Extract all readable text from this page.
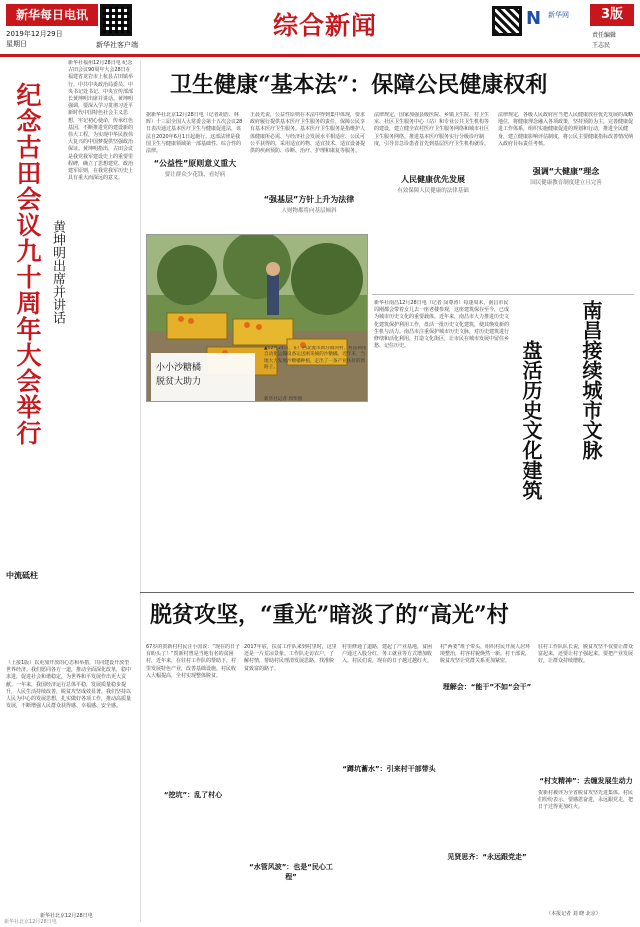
新华每日电讯
2019年12月29日
星期日	新华社客户端
综合新闻	N 新华网	3版
责任编辑
王志民
纪念古田会议九十周年大会举行 黄坤明出席并讲话
新华社福州12月28日电 纪念古田会议90周年大会28日在福建省龙岩市上杭县古田镇举行。中共中央政治局委员、中央书记处书记、中央宣传部部长黄坤明出席并讲话。黄坤明强调，要深入学习贯彻习近平新时代中国特色社会主义思想，牢记初心使命，传承红色基因，不断推进党的建设新的伟大工程，为实现中华民族伟大复兴的中国梦提供坚强政治保证。黄坤明指出，古田会议是我党我军建设史上的重要里程碑，确立了思想建党、政治建军原则，在我党我军历史上具有重大而深远的意义。
中流砥柱
（上接1版）以更加开放的心态和举措，共同建设开放型世界经济。我们愿同各方一道，推动全面深化改革，稳中求进，促进社会和谐稳定，为世界和平发展作出更大贡献。一年来，我国经济运行总体平稳，发展质量稳步提升，人民生活持续改善，脱贫攻坚成效显著。我们坚持以人民为中心的发展思想，扎实做好各项工作，推动高质量发展，不断增强人民群众获得感、幸福感、安全感。
新华社北京12月28日电
卫生健康“基本法”：保障公民健康权利
据新华社北京12月28日电（记者胡浩、林晖）十三届全国人大常委会第十五次会议28日表决通过基本医疗卫生与健康促进法，该法自2020年6月1日起施行。这部法律是我国卫生与健康领域第一部基础性、综合性的法律。
“公益性”原则意义重大
要让群众少花钱、看好病
王晨光说，公益性原则在本法中得到集中体现，要求政府履行提供基本医疗卫生服务的责任，保障公民享有基本医疗卫生服务。基本医疗卫生服务是指维护人体健康所必需、与经济社会发展水平相适应、公民可公平获得的，采用适宜药物、适宜技术、适宜设备提供的疾病预防、诊断、治疗、护理和康复等服务。
“强基层”方针上升为法律
人财物都将向基层倾斜
法律规定，国家加强县级医院、乡镇卫生院、村卫生室、社区卫生服务中心（站）和专业公共卫生机构等的建设，建立健全农村医疗卫生服务网络和城市社区卫生服务网络。推进基本医疗服务实行分级诊疗制度，引导非急诊患者首先到基层医疗卫生机构就诊。
人民健康优先发展
有效保障人民健康的法律基础
法律规定，各级人民政府应当把人民健康放在优先发展的战略地位，将健康理念融入各项政策，坚持预防为主，完善健康促进工作体系，组织实施健康促进的规划和行动，推进全民健身，建立健康影响评估制度，将公民主要健康指标改善情况纳入政府目标责任考核。
强调“大健康”理念
国民健康教育制度建立且完善
小小沙糖橘
脱贫大助力
▲12月24日，在广西北流市新圩镇河村，村民利用自动化运输设备运送刚采摘的沙糖橘。近年来，当地大力发展沙糖橘种植，走出了一条产业扶贫的新路子。
新华社记者 周华摄
新华社南昌12月28日电（记者 闵尊涛）每逢周末，南昌市民周刚都会带着女儿去一座老楼参观，这座建筑保存至今，已成为城市历史文化的重要载体。近年来，南昌市大力推进历史文化建筑保护利用工作，盘活一批历史文化建筑，使其焕发新的生机与活力。南昌市注重保护城市历史文脉，对历史建筑进行修缮和活化利用，打造文化街区，让市民在城市发展中留住乡愁、记住历史。	盘活历史文化建筑 南昌接续城市文脉
脱贫攻坚，“重光”暗淡了的“高光”村
67岁的贺新村村民汪小国说：“现在的日子有盼头了！”贺新村曾是当地有名的贫困村，近年来，在驻村工作队的帮助下，村里发展特色产业，改善基础设施，村民收入大幅提高，全村实现整体脱贫。
“挖坑”：乱了村心
2017年底，扶贫工作队来到村里时，这里还是一片荒凉景象。工作队走访农户，了解村情，帮助村民理清发展思路，找准脱贫致富的路子。
“水管风波”：也是“民心工程”
村里修通了道路，建起了产业基地，贫困户通过入股分红、务工就业等方式增加收入。村民们说，现在的日子越过越红火。
“蹲坑蓄水”：引来村干部带头
村“两委”班子带头，组织村民开展人居环境整治，村容村貌焕然一新。村干部说，脱贫攻坚让党群关系更加紧密。
理解会：“能干”不如“会干”
见贤思齐：“永远跟党走”
驻村工作队队长说，脱贫攻坚不仅要让群众富起来，还要让村子强起来。要把产业发展好，让群众持续增收。
“村支精神”：去缠发展生动力
贺新村被评为全省脱贫攻坚先进集体。村民们纷纷表示，要感恩奋进，永远跟党走，把日子过得更加红火。
（本报记者 刘 晓 北京）
新华社北京12月28日电
